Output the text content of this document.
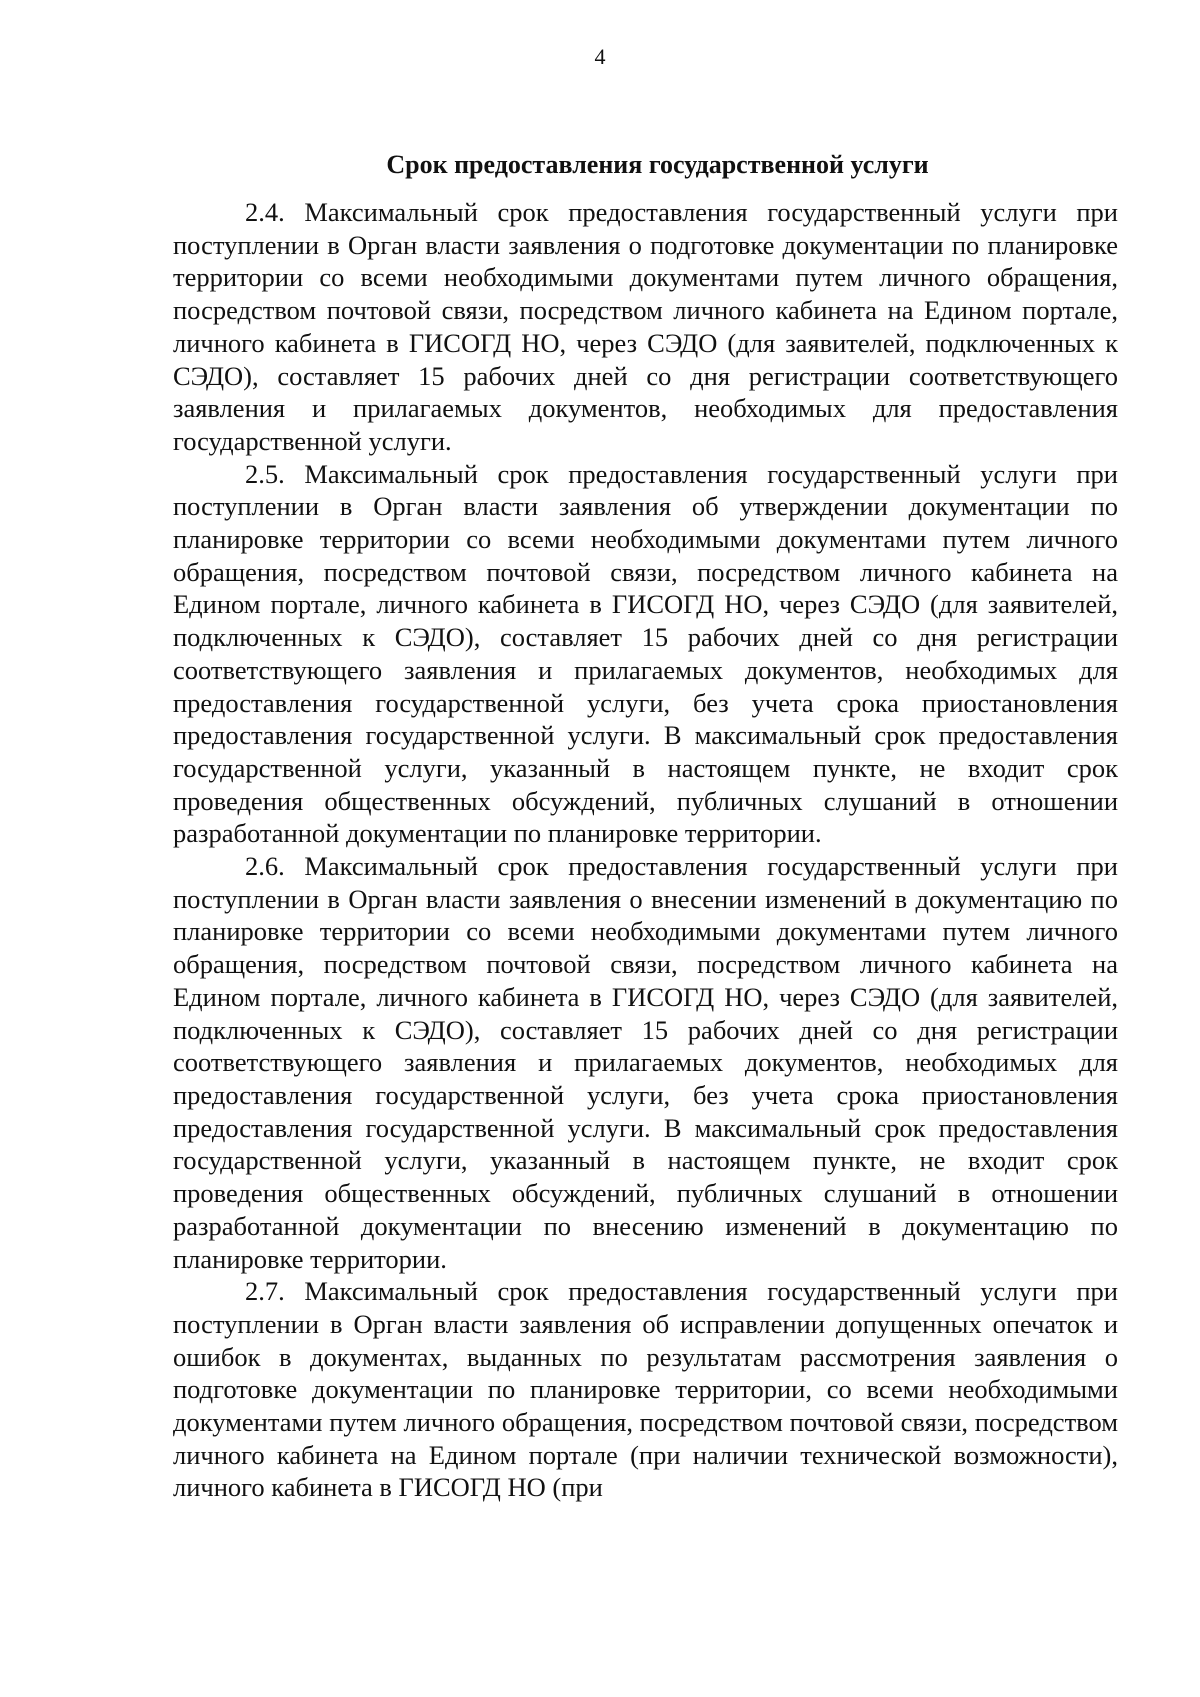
4
Срок предоставления государственной услуги

2.4. Максимальный срок предоставления государственный услуги при поступлении в Орган власти заявления о подготовке документации по планировке территории со всеми необходимыми документами путем личного обращения, посредством почтовой связи, посредством личного кабинета на Едином портале, личного кабинета в ГИСОГД НО, через СЭДО (для заявителей, подключенных к СЭДО), составляет 15 рабочих дней со дня регистрации соответствующего заявления и прилагаемых документов, необходимых для предоставления государственной услуги.

2.5. Максимальный срок предоставления государственный услуги при поступлении в Орган власти заявления об утверждении документации по планировке территории со всеми необходимыми документами путем личного обращения, посредством почтовой связи, посредством личного кабинета на Едином портале, личного кабинета в ГИСОГД НО, через СЭДО (для заявителей, подключенных к СЭДО), составляет 15 рабочих дней со дня регистрации соответствующего заявления и прилагаемых документов, необходимых для предоставления государственной услуги, без учета срока приостановления предоставления государственной услуги. В максимальный срок предоставления государственной услуги, указанный в настоящем пункте, не входит срок проведения общественных обсуждений, публичных слушаний в отношении разработанной документации по планировке территории.

2.6. Максимальный срок предоставления государственный услуги при поступлении в Орган власти заявления о внесении изменений в документацию по планировке территории со всеми необходимыми документами путем личного обращения, посредством почтовой связи, посредством личного кабинета на Едином портале, личного кабинета в ГИСОГД НО, через СЭДО (для заявителей, подключенных к СЭДО), составляет 15 рабочих дней со дня регистрации соответствующего заявления и прилагаемых документов, необходимых для предоставления государственной услуги, без учета срока приостановления предоставления государственной услуги. В максимальный срок предоставления государственной услуги, указанный в настоящем пункте, не входит срок проведения общественных обсуждений, публичных слушаний в отношении разработанной документации по внесению изменений в документацию по планировке территории.

2.7. Максимальный срок предоставления государственный услуги при поступлении в Орган власти заявления об исправлении допущенных опечаток и ошибок в документах, выданных по результатам рассмотрения заявления о подготовке документации по планировке территории, со всеми необходимыми документами путем личного обращения, посредством почтовой связи, посредством личного кабинета на Едином портале (при наличии технической возможности), личного кабинета в ГИСОГД НО (при
